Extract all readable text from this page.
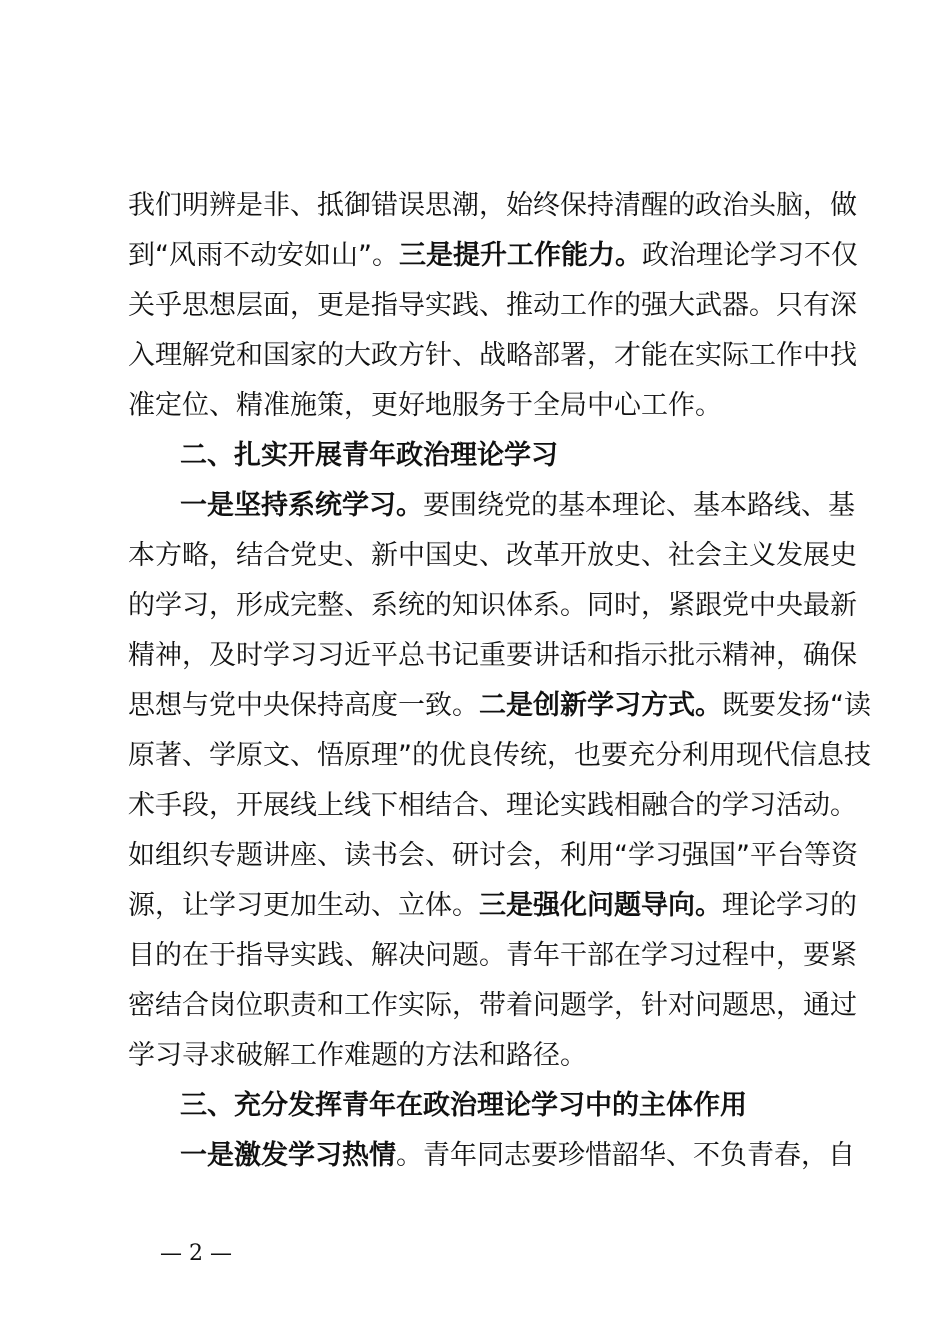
我们明辨是非、抵御错误思潮，始终保持清醒的政治头脑，做
到“风雨不动安如山”。三是提升工作能力。政治理论学习不仅
关乎思想层面，更是指导实践、推动工作的强大武器。只有深
入理解党和国家的大政方针、战略部署，才能在实际工作中找
准定位、精准施策，更好地服务于全局中心工作。
二、扎实开展青年政治理论学习
一是坚持系统学习。要围绕党的基本理论、基本路线、基
本方略，结合党史、新中国史、改革开放史、社会主义发展史
的学习，形成完整、系统的知识体系。同时，紧跟党中央最新
精神，及时学习习近平总书记重要讲话和指示批示精神，确保
思想与党中央保持高度一致。二是创新学习方式。既要发扬“读
原著、学原文、悟原理”的优良传统，也要充分利用现代信息技
术手段，开展线上线下相结合、理论实践相融合的学习活动。
如组织专题讲座、读书会、研讨会，利用“学习强国”平台等资
源，让学习更加生动、立体。三是强化问题导向。理论学习的
目的在于指导实践、解决问题。青年干部在学习过程中，要紧
密结合岗位职责和工作实际，带着问题学，针对问题思，通过
学习寻求破解工作难题的方法和路径。
三、充分发挥青年在政治理论学习中的主体作用
一是激发学习热情。青年同志要珍惜韶华、不负青春，自
— 2 —
